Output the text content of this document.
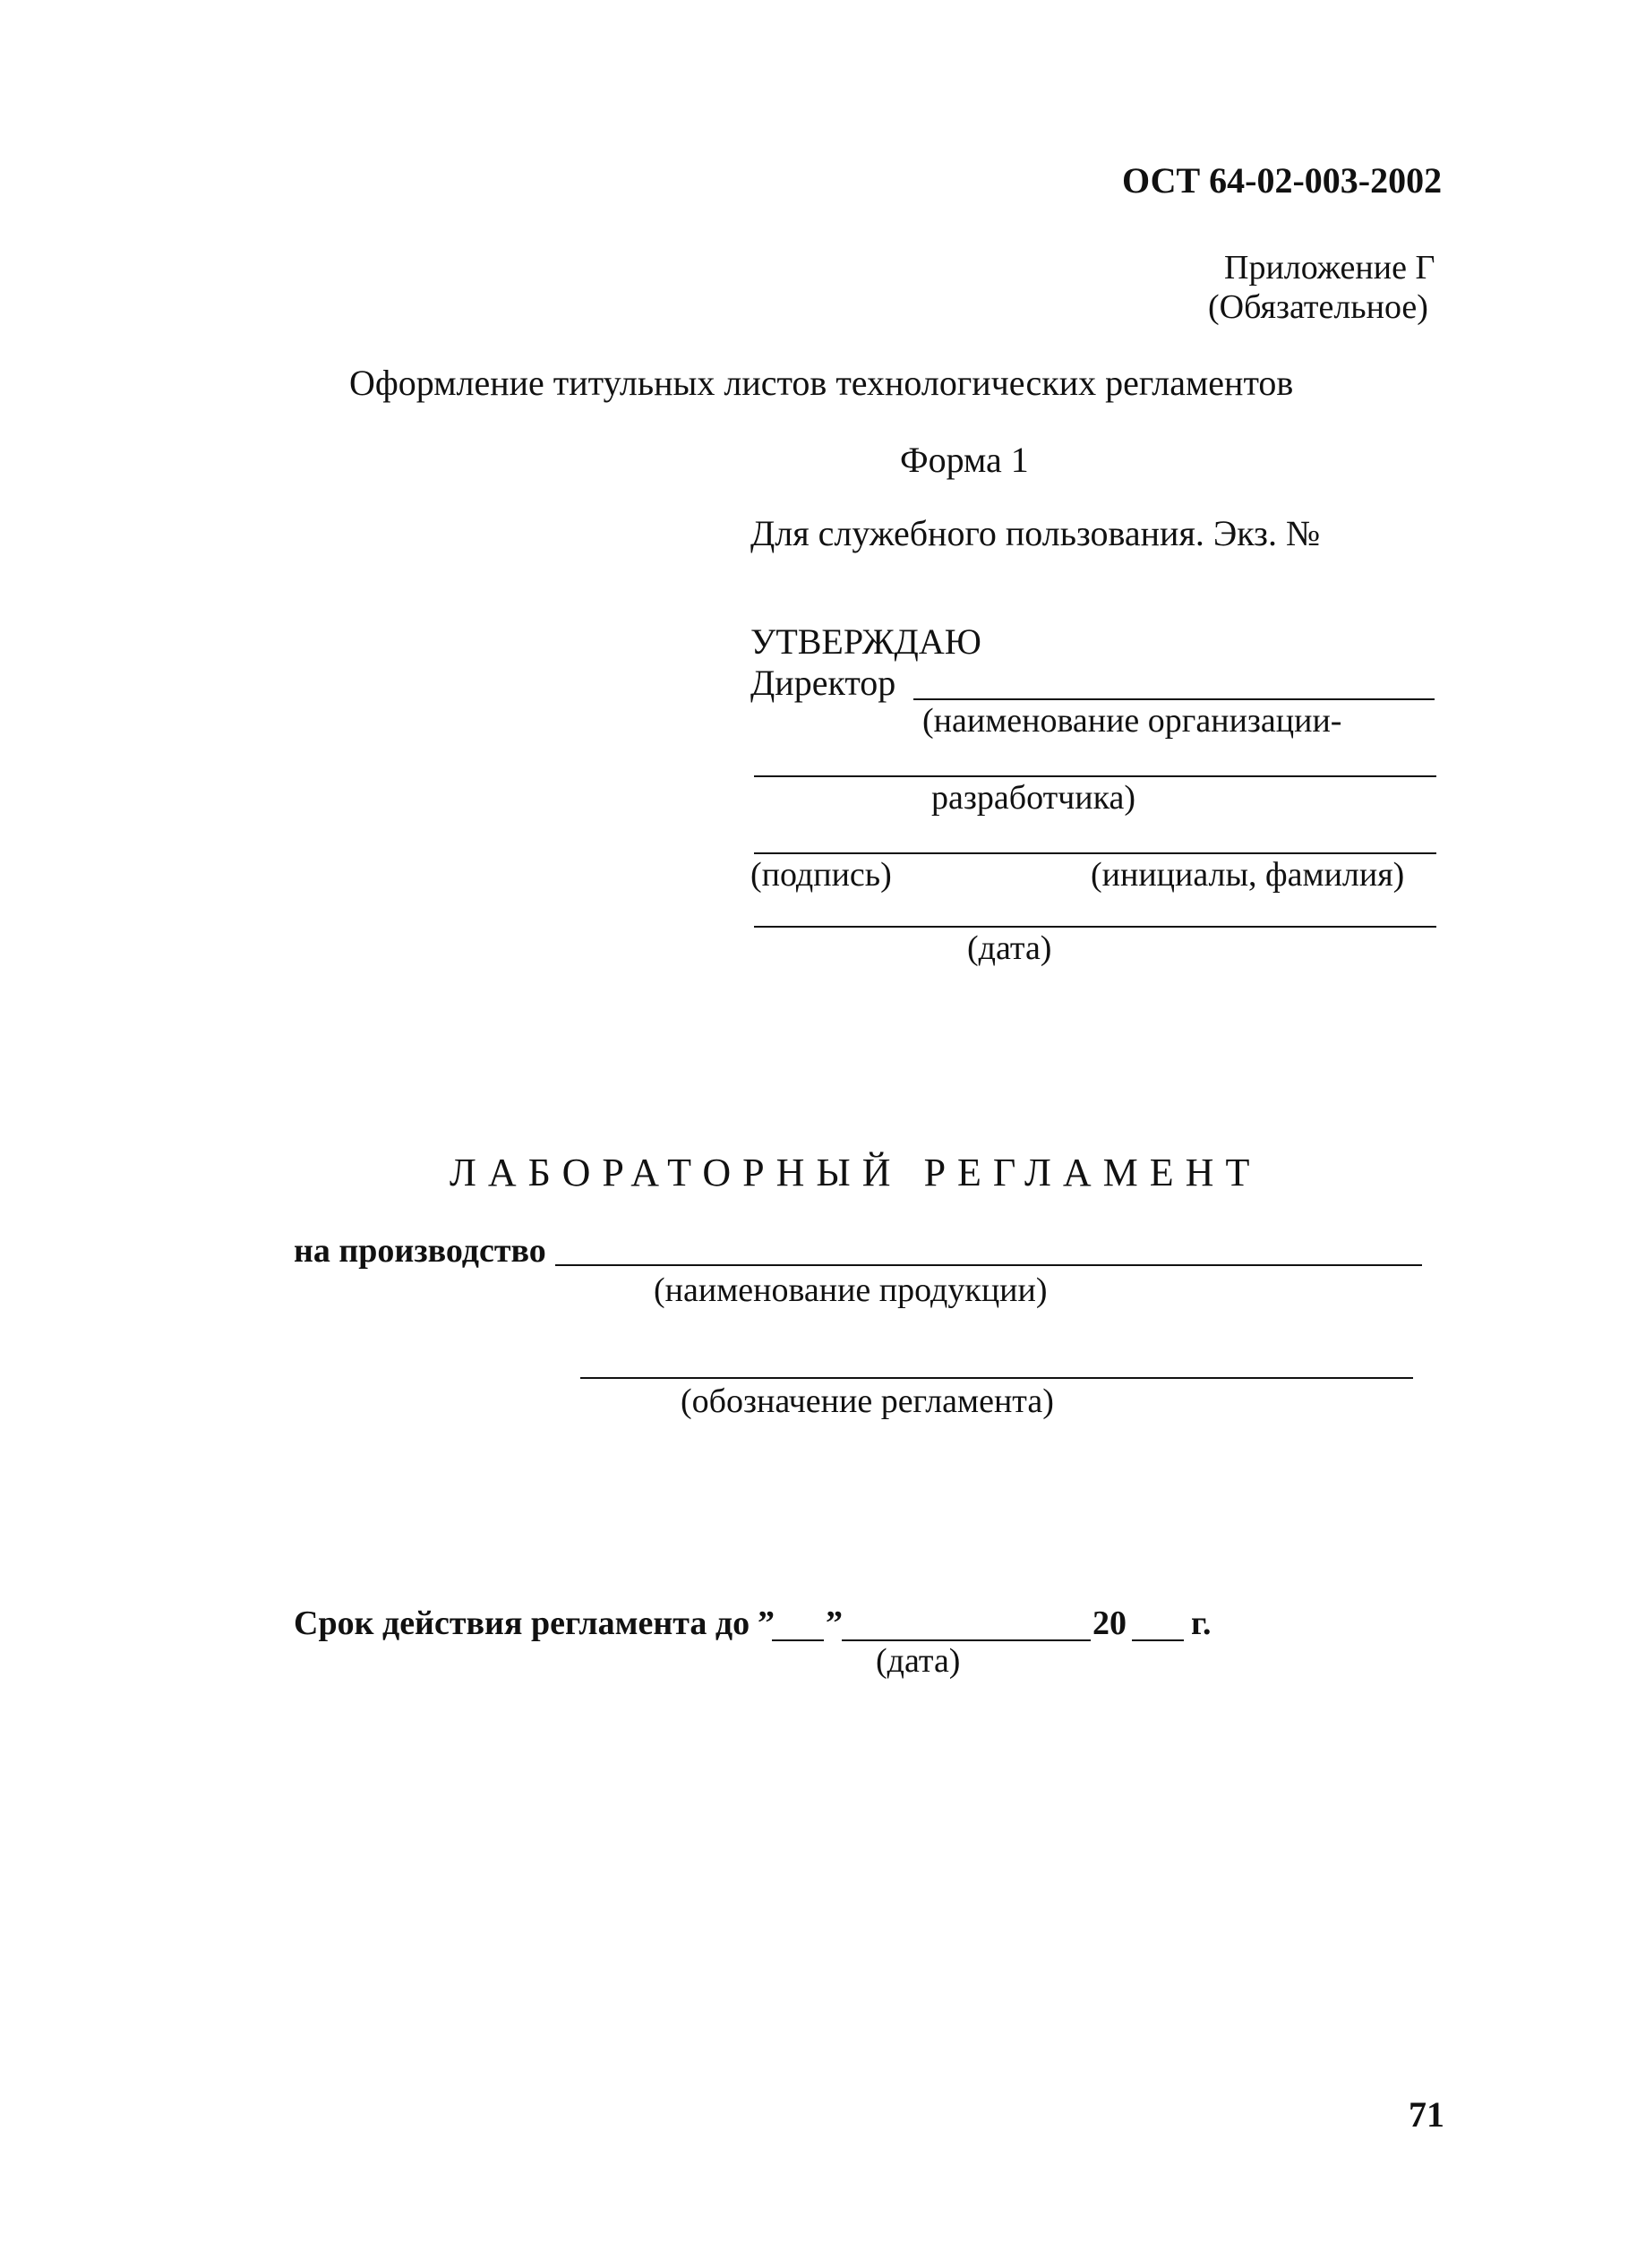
ОСТ 64-02-003-2002
Приложение Г
(Обязательное)
Оформление титульных листов технологических регламентов
Форма 1
Для служебного пользования. Экз. №
УТВЕРЖДАЮ
Директор
(наименование организации-
разработчика)
(подпись)	(инициалы, фамилия)
(дата)
ЛАБОРАТОРНЫЙ РЕГЛАМЕНТ
на производство
(наименование продукции)
(обозначение регламента)
Срок действия регламента до ” ”	20 г.
(дата)
71
